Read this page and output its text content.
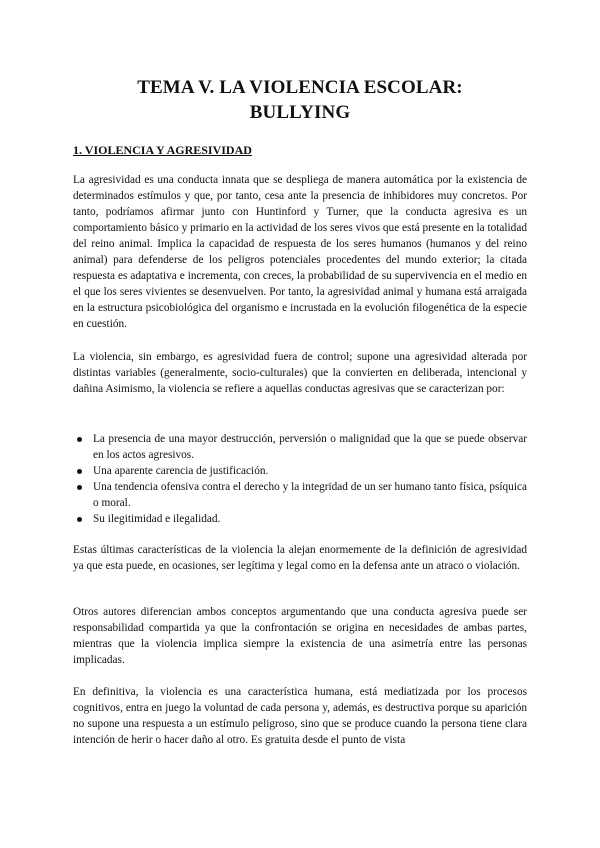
TEMA V. LA VIOLENCIA ESCOLAR:
BULLYING
1. VIOLENCIA Y AGRESIVIDAD

La agresividad es una conducta innata que se despliega de manera automática por la existencia de determinados estímulos y que, por tanto, cesa ante la presencia de inhibidores muy concretos. Por tanto, podríamos afirmar junto con Huntinford y Turner, que la conducta agresiva es un comportamiento básico y primario en la actividad de los seres vivos que está presente en la totalidad del reino animal. Implica la capacidad de respuesta de los seres humanos (humanos y del reino animal) para defenderse de los peligros potenciales procedentes del mundo exterior; la citada respuesta es adaptativa e incrementa, con creces, la probabilidad de su supervivencia en el medio en el que los seres vivientes se desenvuelven. Por tanto, la agresividad animal y humana está arraigada en la estructura psicobiológica del organismo e incrustada en la evolución filogenética de la especie en cuestión.

La violencia, sin embargo, es agresividad fuera de control; supone una agresividad alterada por distintas variables (generalmente, socio-culturales) que la convierten en deliberada, intencional y dañina Asimismo, la violencia se refiere a aquellas conductas agresivas que se caracterizan por:

La presencia de una mayor destrucción, perversión o malignidad que la que se puede observar en los actos agresivos.
Una aparente carencia de justificación.
Una tendencia ofensiva contra el derecho y la integridad de un ser humano tanto física, psíquica o moral.
Su ilegitimidad e ilegalidad.

Estas últimas características de la violencia la alejan enormemente de la definición de agresividad ya que esta puede, en ocasiones, ser legítima y legal como en la defensa ante un atraco o violación.

Otros autores diferencian ambos conceptos argumentando que una conducta agresiva puede ser responsabilidad compartida ya que la confrontación se origina en necesidades de ambas partes, mientras que la violencia implica siempre la existencia de una asimetría entre las personas implicadas.

En definitiva, la violencia es una característica humana, está mediatizada por los procesos cognitivos, entra en juego la voluntad de cada persona y, además, es destructiva porque su aparición no supone una respuesta a un estímulo peligroso, sino que se produce cuando la persona tiene clara intención de herir o hacer daño al otro. Es gratuita desde el punto de vista
